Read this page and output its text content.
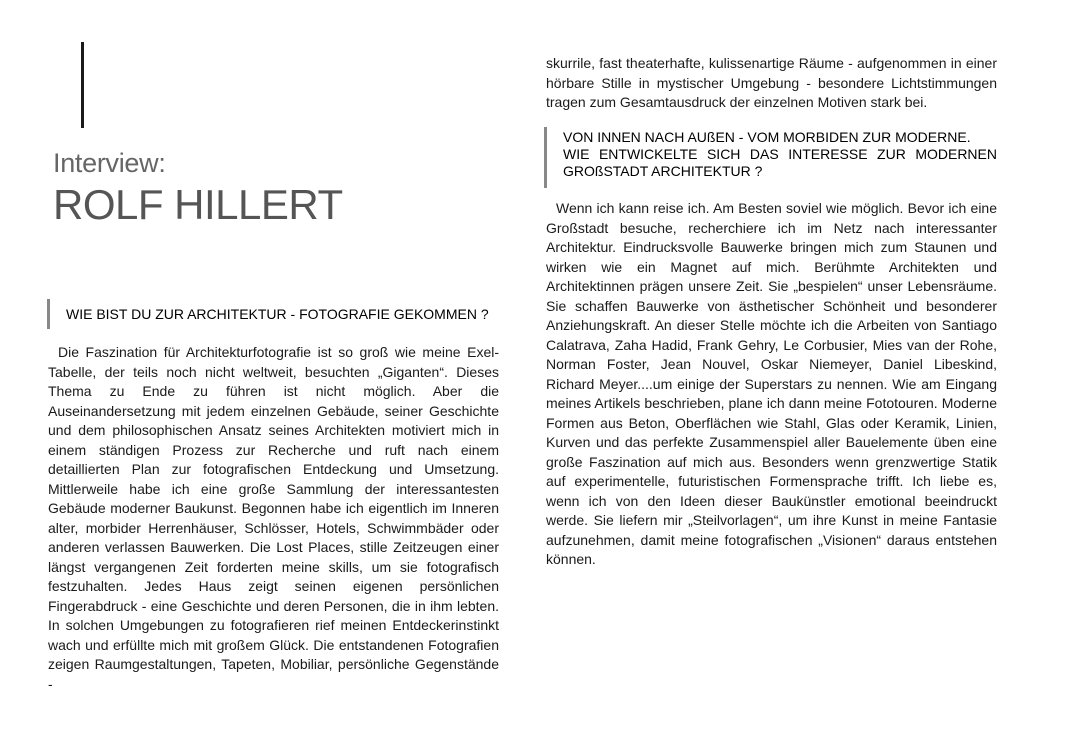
Interview:
ROLF HILLERT

WIE BIST DU ZUR ARCHITEKTUR - FOTOGRAFIE GEKOMMEN ?

Die Faszination für Architekturfotografie ist so groß wie meine Exel-Tabelle, der teils noch nicht weltweit, besuchten „Giganten“. Dieses Thema zu Ende zu führen ist nicht möglich. Aber die Auseinandersetzung mit jedem einzelnen Gebäude, seiner Geschichte und dem philosophischen Ansatz seines Architekten motiviert mich in einem ständigen Prozess zur Recherche und ruft nach einem detaillierten Plan zur fotografischen Entdeckung und Umsetzung. Mittlerweile habe ich eine große Sammlung der interessantesten Gebäude moderner Baukunst. Begonnen habe ich eigentlich im Inneren alter, morbider Herrenhäuser, Schlösser, Hotels, Schwimmbäder oder anderen verlassen Bauwerken. Die Lost Places, stille Zeitzeugen einer längst vergangenen Zeit forderten meine skills, um sie fotografisch festzuhalten. Jedes Haus zeigt seinen eigenen persönlichen Fingerabdruck - eine Geschichte und deren Personen, die in ihm lebten. In solchen Umgebungen zu fotografieren rief meinen Entdeckerinstinkt wach und erfüllte mich mit großem Glück. Die entstandenen Fotografien zeigen Raumgestaltungen, Tapeten, Mobiliar, persönliche Gegenstände -

skurrile, fast theaterhafte, kulissenartige Räume - aufgenommen in einer hörbare Stille in mystischer Umgebung - besondere Lichtstimmungen tragen zum Gesamtausdruck der einzelnen Motiven stark bei.

VON INNEN NACH AUßEN - VOM MORBIDEN ZUR MODERNE.
WIE ENTWICKELTE SICH DAS INTERESSE ZUR MODERNEN
GROßSTADT ARCHITEKTUR ?

Wenn ich kann reise ich. Am Besten soviel wie möglich. Bevor ich eine Großstadt besuche, recherchiere ich im Netz nach interessanter Architektur. Eindrucksvolle Bauwerke bringen mich zum Staunen und wirken wie ein Magnet auf mich. Berühmte Architekten und Architektinnen prägen unsere Zeit. Sie „bespielen“ unser Lebensräume. Sie schaffen Bauwerke von ästhetischer Schönheit und besonderer Anziehungskraft. An dieser Stelle möchte ich die Arbeiten von Santiago Calatrava, Zaha Hadid, Frank Gehry, Le Corbusier, Mies van der Rohe, Norman Foster, Jean Nouvel, Oskar Niemeyer, Daniel Libeskind, Richard Meyer....um einige der Superstars zu nennen. Wie am Eingang meines Artikels beschrieben, plane ich dann meine Fototouren. Moderne Formen aus Beton, Oberflächen wie Stahl, Glas oder Keramik, Linien, Kurven und das perfekte Zusammenspiel aller Bauelemente üben eine große Faszination auf mich aus. Besonders wenn grenzwertige Statik auf experimentelle, futuristischen Formensprache trifft. Ich liebe es, wenn ich von den Ideen dieser Baukünstler emotional beeindruckt werde. Sie liefern mir „Steilvorlagen“, um ihre Kunst in meine Fantasie aufzunehmen, damit meine fotografischen „Visionen“ daraus entstehen können.
